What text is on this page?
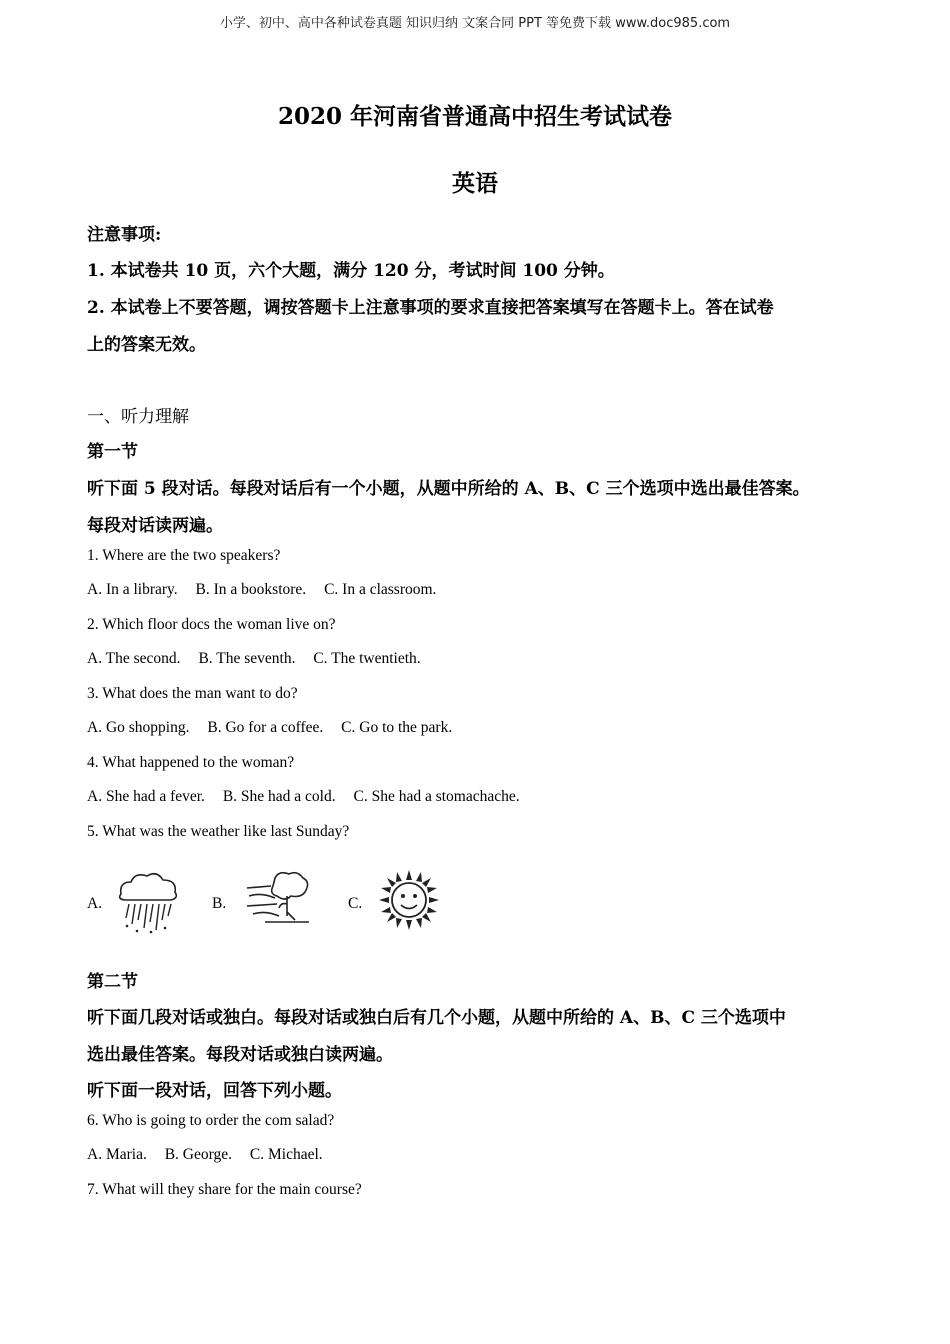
小学、初中、高中各种试卷真题 知识归纳 文案合同 PPT 等免费下载 www.doc985.com
2020 年河南省普通高中招生考试试卷
英语
注意事项:
1. 本试卷共 10 页，六个大题，满分 120 分，考试时间 100 分钟。
2. 本试卷上不要答题，调按答题卡上注意事项的要求直接把答案填写在答题卡上。答在试卷
上的答案无效。
一、听力理解
第一节
听下面 5 段对话。每段对话后有一个小题，从题中所给的 A、B、C 三个选项中选出最佳答案。
每段对话读两遍。
1. Where are the two speakers?
A. In a library. B. In a bookstore. C. In a classroom.
2. Which floor docs the woman live on?
A. The second. B. The seventh. C. The twentieth.
3. What does the man want to do?
A. Go shopping. B. Go for a coffee. C. Go to the park.
4. What happened to the woman?
A. She had a fever. B. She had a cold. C. She had a stomachache.
5. What was the weather like last Sunday?
A.	B.	C.
第二节
听下面几段对话或独白。每段对话或独白后有几个小题，从题中所给的 A、B、C 三个选项中
选出最佳答案。每段对话或独白读两遍。
听下面一段对话，回答下列小题。
6. Who is going to order the com salad?
A. Maria. B. George. C. Michael.
7. What will they share for the main course?
